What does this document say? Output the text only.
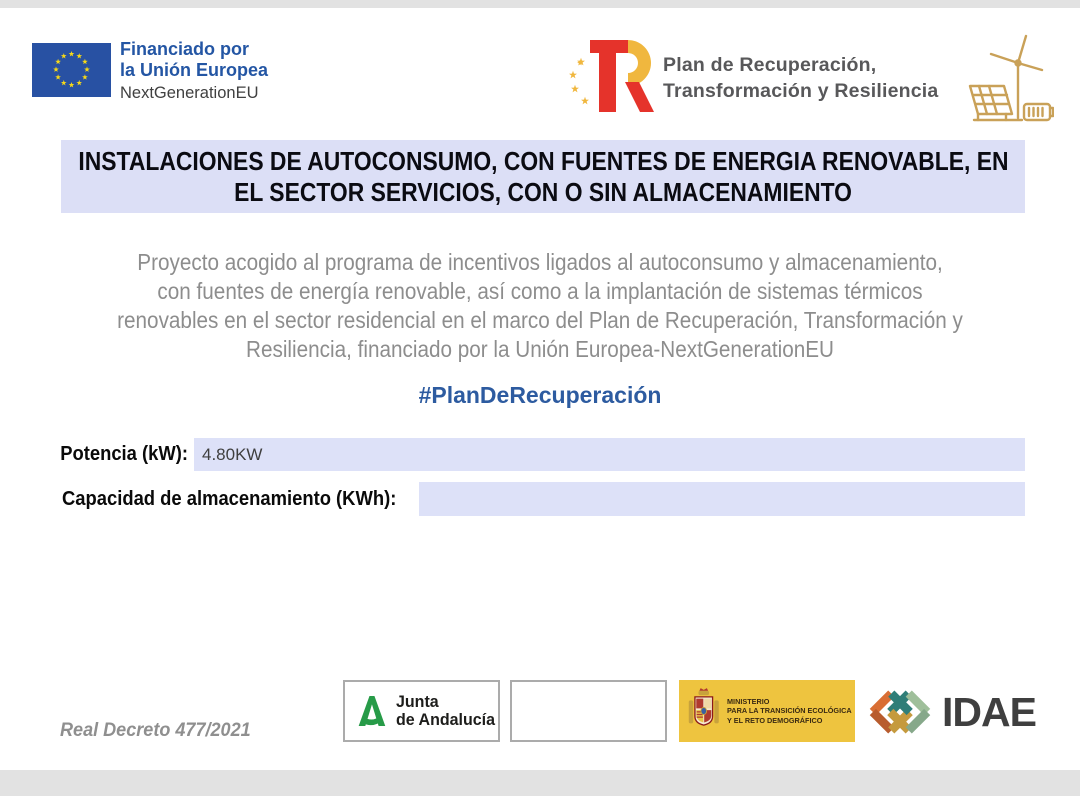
Financiado por
la Unión Europea
NextGenerationEU
Plan de Recuperación,
Transformación y Resiliencia
INSTALACIONES DE AUTOCONSUMO, CON FUENTES DE ENERGIA RENOVABLE, EN
EL SECTOR SERVICIOS, CON O SIN ALMACENAMIENTO
Proyecto acogido al programa de incentivos ligados al autoconsumo y almacenamiento,
con fuentes de energía renovable, así como a la implantación de sistemas térmicos
renovables en el sector residencial en el marco del Plan de Recuperación, Transformación y
Resiliencia, financiado por la Unión Europea-NextGenerationEU
#PlanDeRecuperación
Potencia (kW): 4.80KW
Capacidad de almacenamiento (KWh):
Real Decreto 477/2021
Junta
de Andalucía
MINISTERIO
PARA LA TRANSICIÓN ECOLÓGICA
Y EL RETO DEMOGRÁFICO	IDAE
